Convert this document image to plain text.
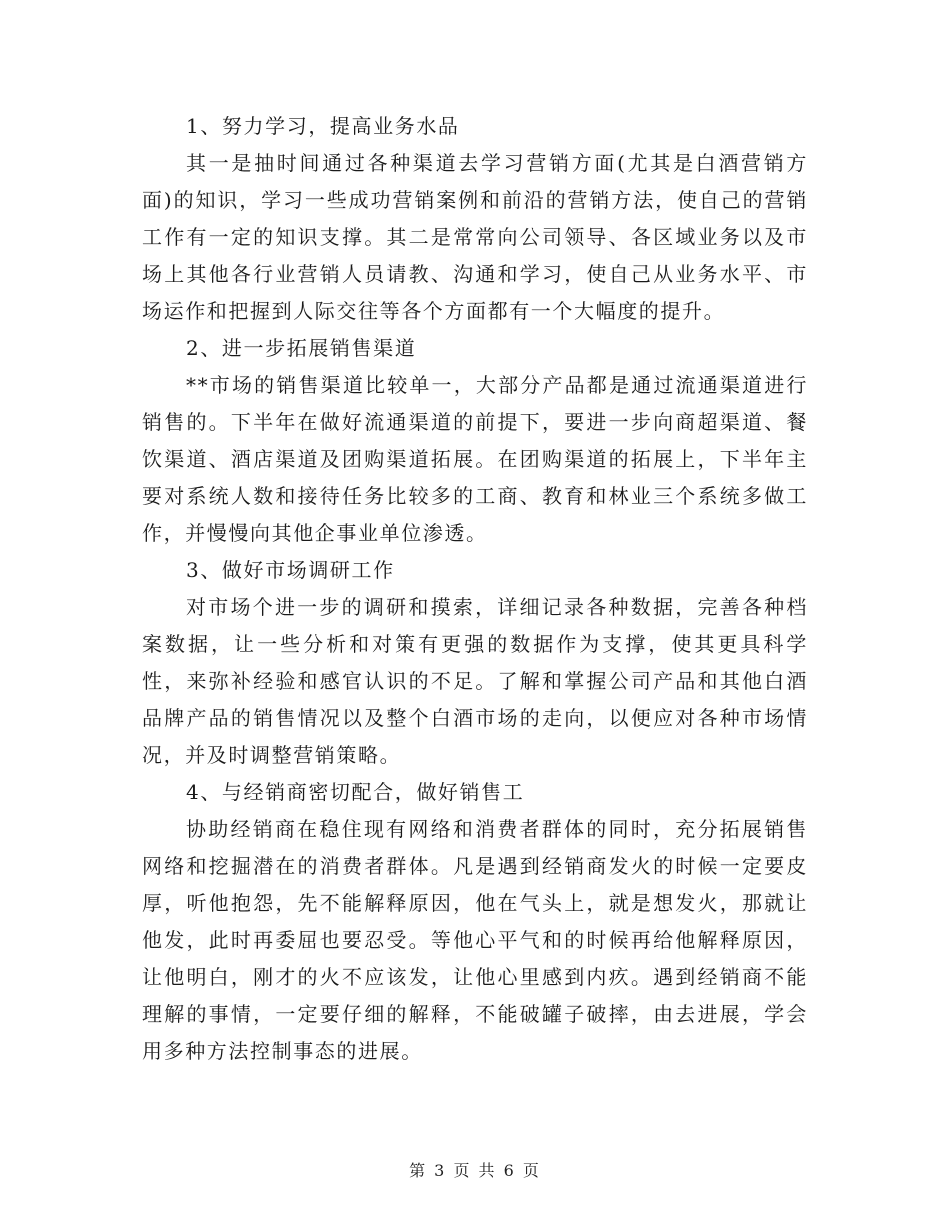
1、努力学习，提高业务水品

其一是抽时间通过各种渠道去学习营销方面(尤其是白酒营销方面)的知识，学习一些成功营销案例和前沿的营销方法，使自己的营销工作有一定的知识支撑。其二是常常向公司领导、各区域业务以及市场上其他各行业营销人员请教、沟通和学习，使自己从业务水平、市场运作和把握到人际交往等各个方面都有一个大幅度的提升。

2、进一步拓展销售渠道

**市场的销售渠道比较单一，大部分产品都是通过流通渠道进行销售的。下半年在做好流通渠道的前提下，要进一步向商超渠道、餐饮渠道、酒店渠道及团购渠道拓展。在团购渠道的拓展上，下半年主要对系统人数和接待任务比较多的工商、教育和林业三个系统多做工作，并慢慢向其他企事业单位渗透。

3、做好市场调研工作

对市场个进一步的调研和摸索，详细记录各种数据，完善各种档案数据，让一些分析和对策有更强的数据作为支撑，使其更具科学性，来弥补经验和感官认识的不足。了解和掌握公司产品和其他白酒品牌产品的销售情况以及整个白酒市场的走向，以便应对各种市场情况，并及时调整营销策略。

4、与经销商密切配合，做好销售工

协助经销商在稳住现有网络和消费者群体的同时，充分拓展销售网络和挖掘潜在的消费者群体。凡是遇到经销商发火的时候一定要皮厚，听他抱怨，先不能解释原因，他在气头上，就是想发火，那就让他发，此时再委屈也要忍受。等他心平气和的时候再给他解释原因，让他明白，刚才的火不应该发，让他心里感到内疚。遇到经销商不能理解的事情，一定要仔细的解释，不能破罐子破摔，由去进展，学会用多种方法控制事态的进展。

第 3 页 共 6 页
